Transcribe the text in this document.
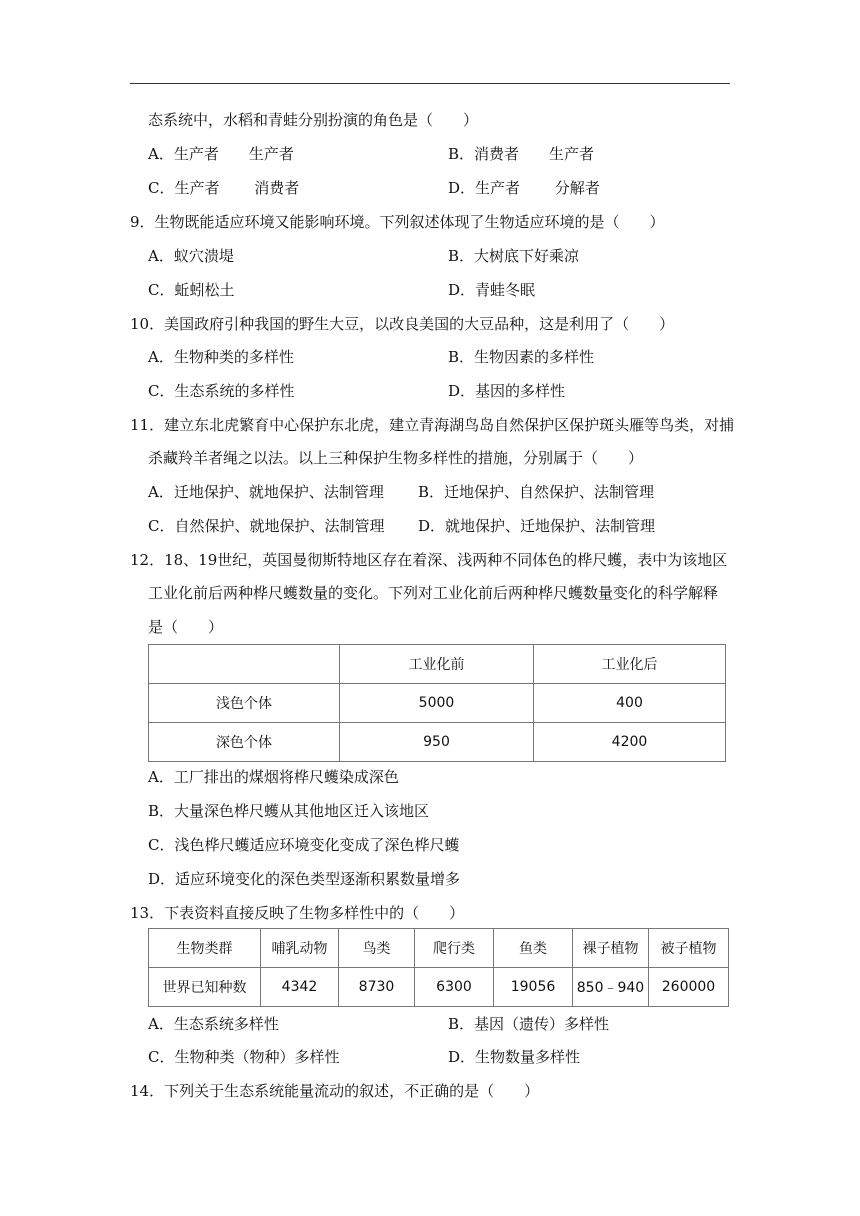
态系统中，水稻和青蛙分别扮演的角色是（　　）
A．生产者　　生产者	B．消费者　　生产者
C．生产者　　 消费者	D．生产者　　 分解者
9．生物既能适应环境又能影响环境。下列叙述体现了生物适应环境的是（　　）
A．蚁穴溃堤	B．大树底下好乘凉
C．蚯蚓松土	D．青蛙冬眠
10．美国政府引种我国的野生大豆，以改良美国的大豆品种，这是利用了（　　）
A．生物种类的多样性	B．生物因素的多样性
C．生态系统的多样性	D．基因的多样性
11．建立东北虎繁育中心保护东北虎，建立青海湖鸟岛自然保护区保护斑头雁等鸟类，对捕
杀藏羚羊者绳之以法。以上三种保护生物多样性的措施，分别属于（　　）
A．迁地保护、就地保护、法制管理 B．迁地保护、自然保护、法制管理
C．自然保护、就地保护、法制管理 D．就地保护、迁地保护、法制管理
12．18、19世纪，英国曼彻斯特地区存在着深、浅两种不同体色的桦尺蠖，表中为该地区
工业化前后两种桦尺蠖数量的变化。下列对工业化前后两种桦尺蠖数量变化的科学解释
是（　　）
	工业化前	工业化后
浅色个体	5000	400
深色个体	950	4200
A．工厂排出的煤烟将桦尺蠖染成深色
B．大量深色桦尺蠖从其他地区迁入该地区
C．浅色桦尺蠖适应环境变化变成了深色桦尺蠖
D．适应环境变化的深色类型逐渐积累数量增多
13．下表资料直接反映了生物多样性中的（　　）
生物类群	哺乳动物	鸟类	爬行类	鱼类	裸子植物	被子植物
世界已知种数	4342	8730	6300	19056	850﹣940	260000
A．生态系统多样性	B．基因（遗传）多样性
C．生物种类（物种）多样性	D．生物数量多样性
14．下列关于生态系统能量流动的叙述，不正确的是（　　）
